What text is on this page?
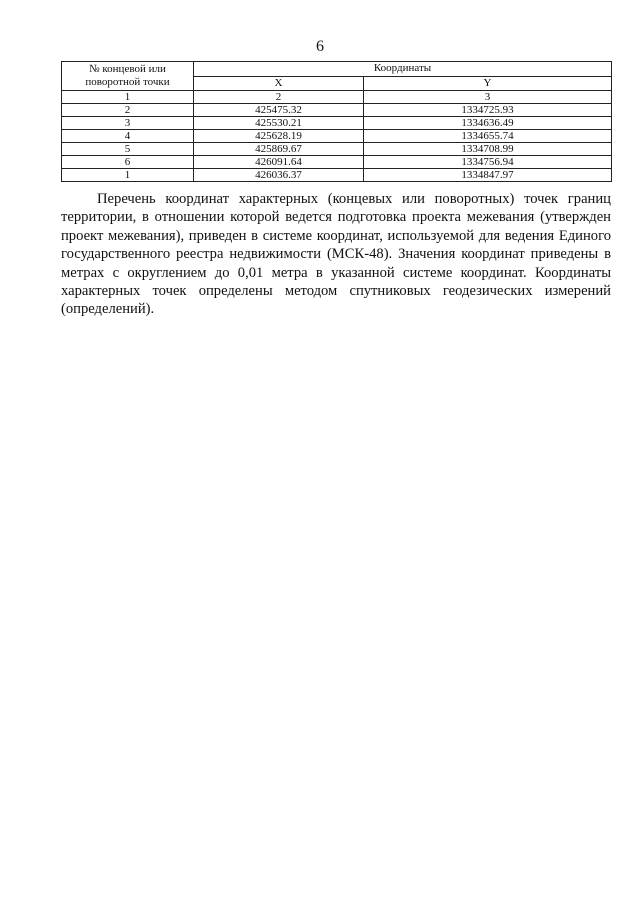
6
№ концевой или поворотной точки	Координаты	
	X	Y
1	2	3
2	425475.32	1334725.93
3	425530.21	1334636.49
4	425628.19	1334655.74
5	425869.67	1334708.99
6	426091.64	1334756.94
1	426036.37	1334847.97

Перечень координат характерных (концевых или поворотных) точек границ территории, в отношении которой ведется подготовка проекта межевания (утвержден проект межевания), приведен в системе координат, используемой для ведения Единого государственного реестра недвижимости (МСК-48). Значения координат приведены в метрах с округлением до 0,01 метра в указанной системе координат. Координаты характерных точек определены методом спутниковых геодезических измерений (определений).
